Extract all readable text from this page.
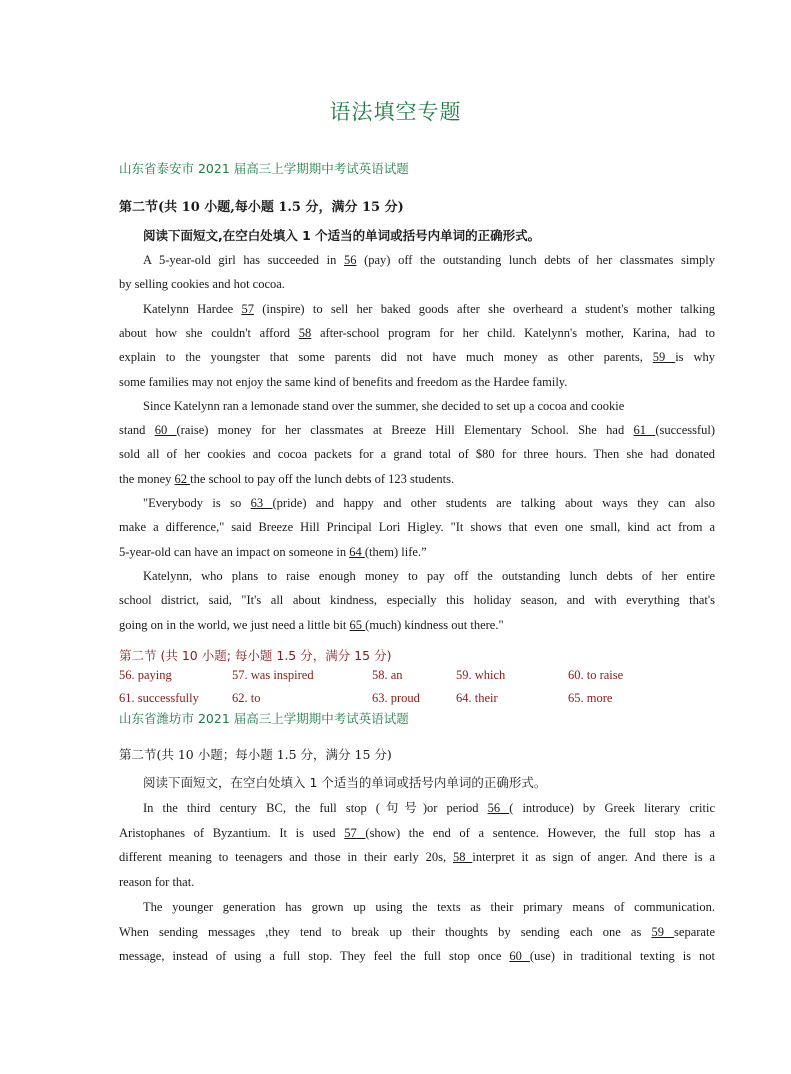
语法填空专题
山东省泰安市 2021 届高三上学期期中考试英语试题
第二节(共 10 小题,每小题 1.5 分，满分 15 分)
阅读下面短文,在空白处填入 1 个适当的单词或括号内单词的正确形式。
A 5-year-old girl has succeeded in 56 (pay) off the outstanding lunch debts of her classmates simply
by selling cookies and hot cocoa.
Katelynn Hardee 57 (inspire) to sell her baked goods after she overheard a student's mother talking
about how she couldn't afford 58 after-school program for her child. Katelynn's mother, Karina, had to
explain to the youngster that some parents did not have much money as other parents, 59 is why
some families may not enjoy the same kind of benefits and freedom as the Hardee family.
Since Katelynn ran a lemonade stand over the summer, she decided to set up a cocoa and cookie
stand 60 (raise) money for her classmates at Breeze Hill Elementary School. She had 61 (successful)
sold all of her cookies and cocoa packets for a grand total of $80 for three hours. Then she had donated
the money 62 the school to pay off the lunch debts of 123 students.
"Everybody is so 63 (pride) and happy and other students are talking about ways they can also
make a difference," said Breeze Hill Principal Lori Higley. "It shows that even one small, kind act from a
5-year-old can have an impact on someone in 64 (them) life.”
Katelynn, who plans to raise enough money to pay off the outstanding lunch debts of her entire
school district, said, "It's all about kindness, especially this holiday season, and with everything that's
going on in the world, we just need a little bit 65 (much) kindness out there."
第二节 (共 10 小题; 每小题 1.5 分，满分 15 分)
56. paying	57. was inspired	58. an	59. which	60. to raise
61. successfully	62. to	63. proud	64. their	65. more
山东省潍坊市 2021 届高三上学期期中考试英语试题
第二节(共 10 小题；每小题 1.5 分，满分 15 分)
阅读下面短文，在空白处填入 1 个适当的单词或括号内单词的正确形式。
In the third century BC, the full stop (句号)or period 56 ( introduce) by Greek literary critic
Aristophanes of Byzantium. It is used 57 (show) the end of a sentence. However, the full stop has a
different meaning to teenagers and those in their early 20s, 58 interpret it as sign of anger. And there is a
reason for that.
The younger generation has grown up using the texts as their primary means of communication.
When sending messages ,they tend to break up their thoughts by sending each one as 59 separate
message, instead of using a full stop. They feel the full stop once 60 (use) in traditional texting is not
